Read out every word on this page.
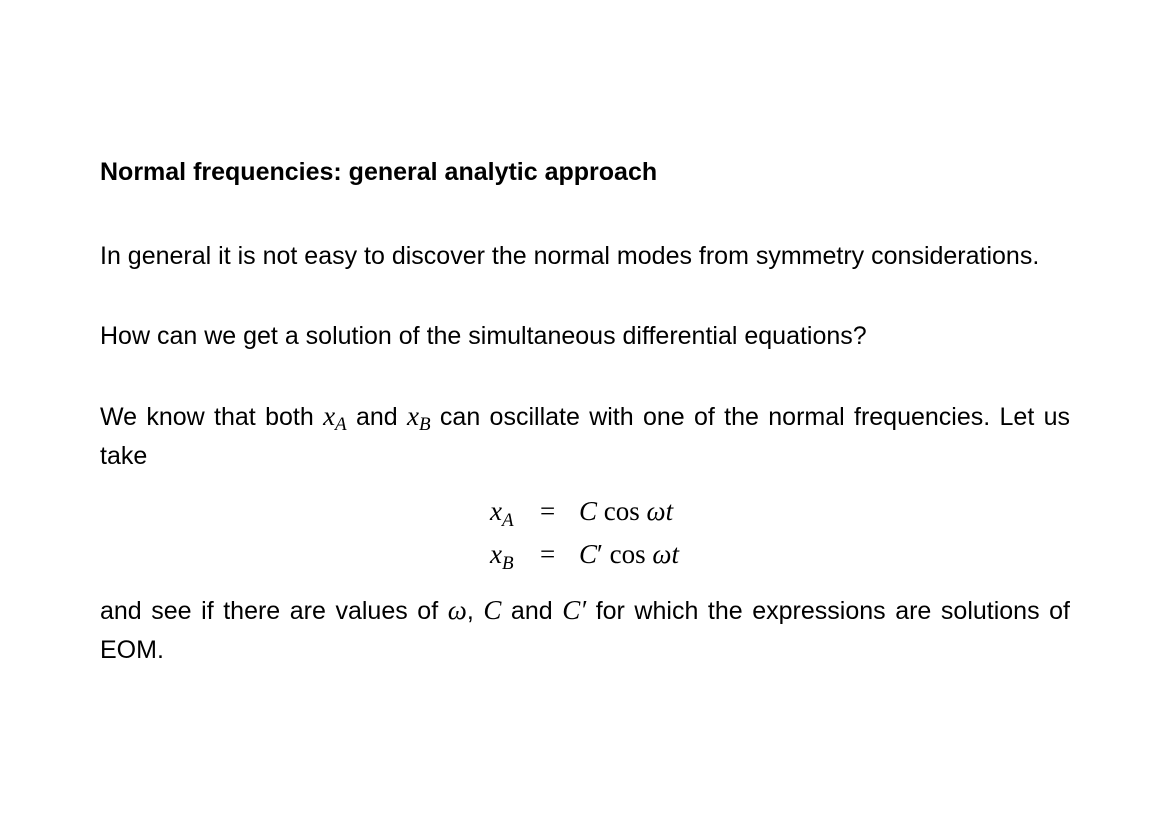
Normal frequencies: general analytic approach
In general it is not easy to discover the normal modes from symmetry considerations.
How can we get a solution of the simultaneous differential equations?
We know that both $x_A$ and $x_B$ can oscillate with one of the normal frequencies. Let us take
$x_A = C$ cos ωt
$x_B = C'$ cos ωt
and see if there are values of ω, C and C′ for which the expressions are solutions of EOM.
